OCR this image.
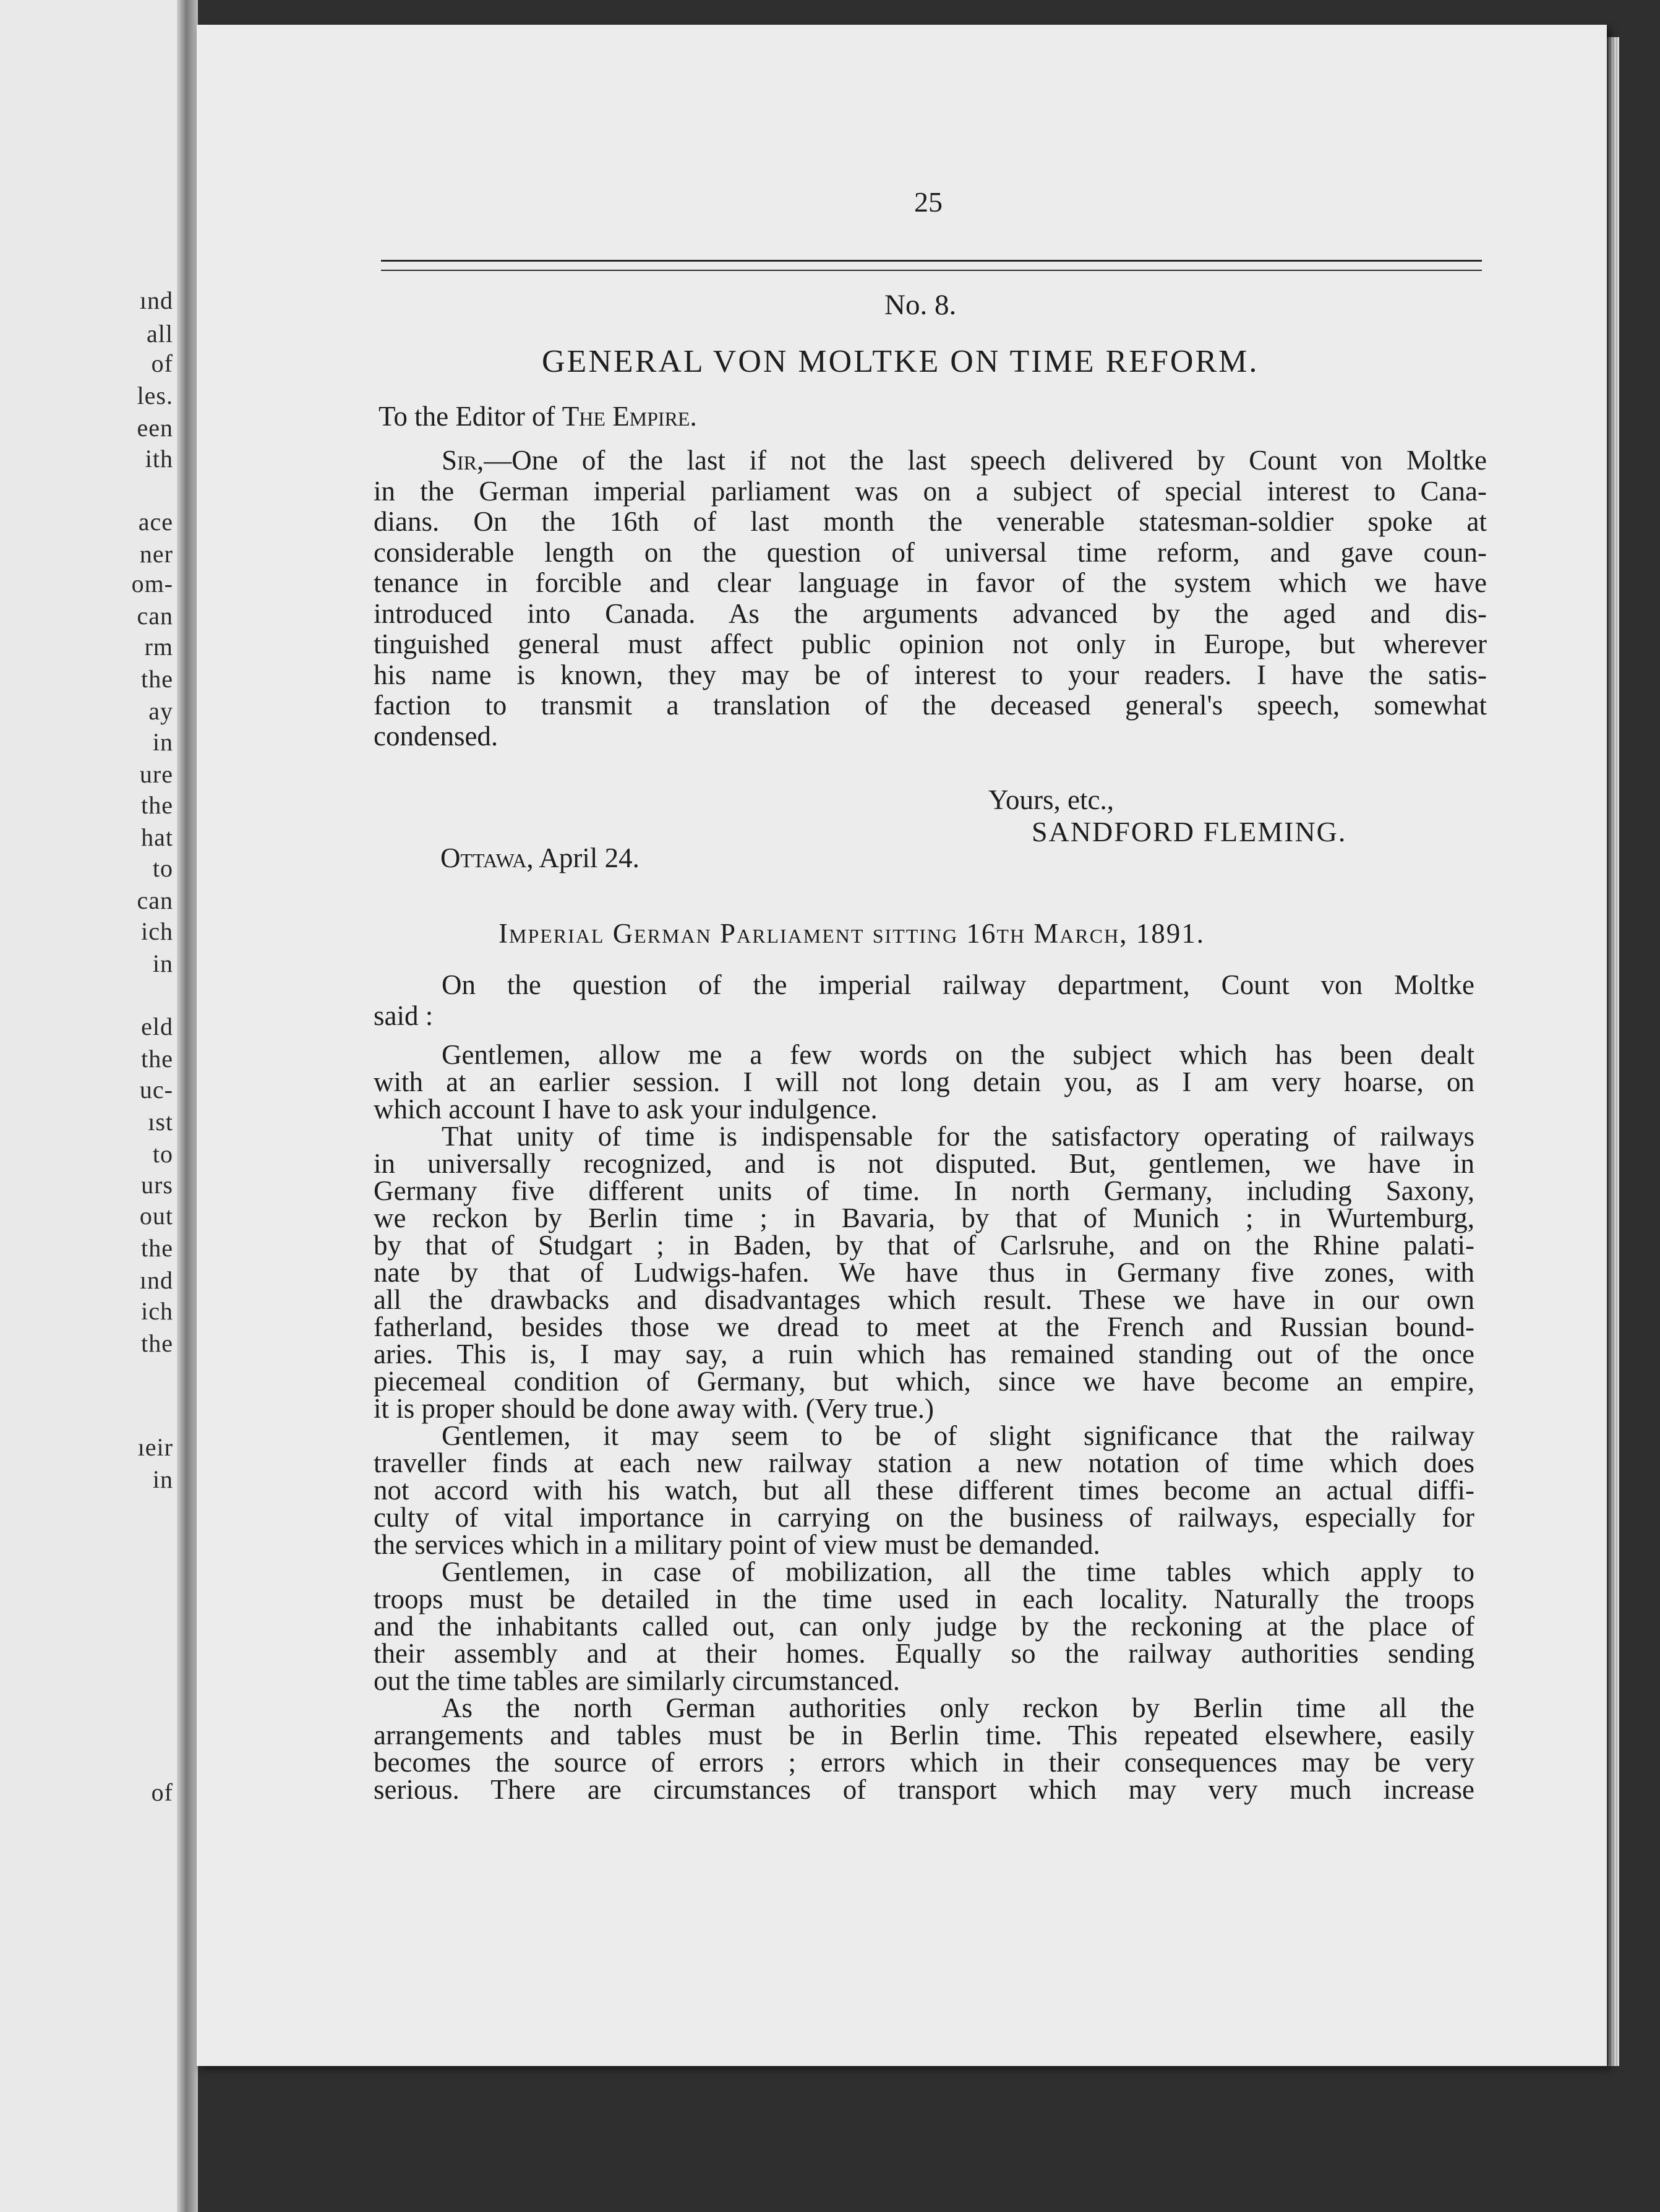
ınd
all
of
les.
een
ith
ace
ner
om-
can
rm
the
ay
in
ure
the
hat
to
can
ich
in
eld
the
uc-
ıst
to
urs
out
the
ınd
ich
the
ıeir
in
of
25
No. 8.
GENERAL VON MOLTKE ON TIME REFORM.
To the Editor of The Empire.
Sir,—One of the last if not the last speech delivered by Count von Moltke
in the German imperial parliament was on a subject of special interest to Cana-
dians. On the 16th of last month the venerable statesman-soldier spoke at
considerable length on the question of universal time reform, and gave coun-
tenance in forcible and clear language in favor of the system which we have
introduced into Canada. As the arguments advanced by the aged and dis-
tinguished general must affect public opinion not only in Europe, but wherever
his name is known, they may be of interest to your readers. I have the satis-
faction to transmit a translation of the deceased general's speech, somewhat
condensed.
Yours, etc.,
SANDFORD FLEMING.
Ottawa, April 24.
Imperial German Parliament sitting 16th March, 1891.
On the question of the imperial railway department, Count von Moltke
said :
Gentlemen, allow me a few words on the subject which has been dealt
with at an earlier session. I will not long detain you, as I am very hoarse, on
which account I have to ask your indulgence.
That unity of time is indispensable for the satisfactory operating of railways
in universally recognized, and is not disputed. But, gentlemen, we have in
Germany five different units of time. In north Germany, including Saxony,
we reckon by Berlin time ; in Bavaria, by that of Munich ; in Wurtemburg,
by that of Studgart ; in Baden, by that of Carlsruhe, and on the Rhine palati-
nate by that of Ludwigs-hafen. We have thus in Germany five zones, with
all the drawbacks and disadvantages which result. These we have in our own
fatherland, besides those we dread to meet at the French and Russian bound-
aries. This is, I may say, a ruin which has remained standing out of the once
piecemeal condition of Germany, but which, since we have become an empire,
it is proper should be done away with. (Very true.)
Gentlemen, it may seem to be of slight significance that the railway
traveller finds at each new railway station a new notation of time which does
not accord with his watch, but all these different times become an actual diffi-
culty of vital importance in carrying on the business of railways, especially for
the services which in a military point of view must be demanded.
Gentlemen, in case of mobilization, all the time tables which apply to
troops must be detailed in the time used in each locality. Naturally the troops
and the inhabitants called out, can only judge by the reckoning at the place of
their assembly and at their homes. Equally so the railway authorities sending
out the time tables are similarly circumstanced.
As the north German authorities only reckon by Berlin time all the
arrangements and tables must be in Berlin time. This repeated elsewhere, easily
becomes the source of errors ; errors which in their consequences may be very
serious. There are circumstances of transport which may very much increase
